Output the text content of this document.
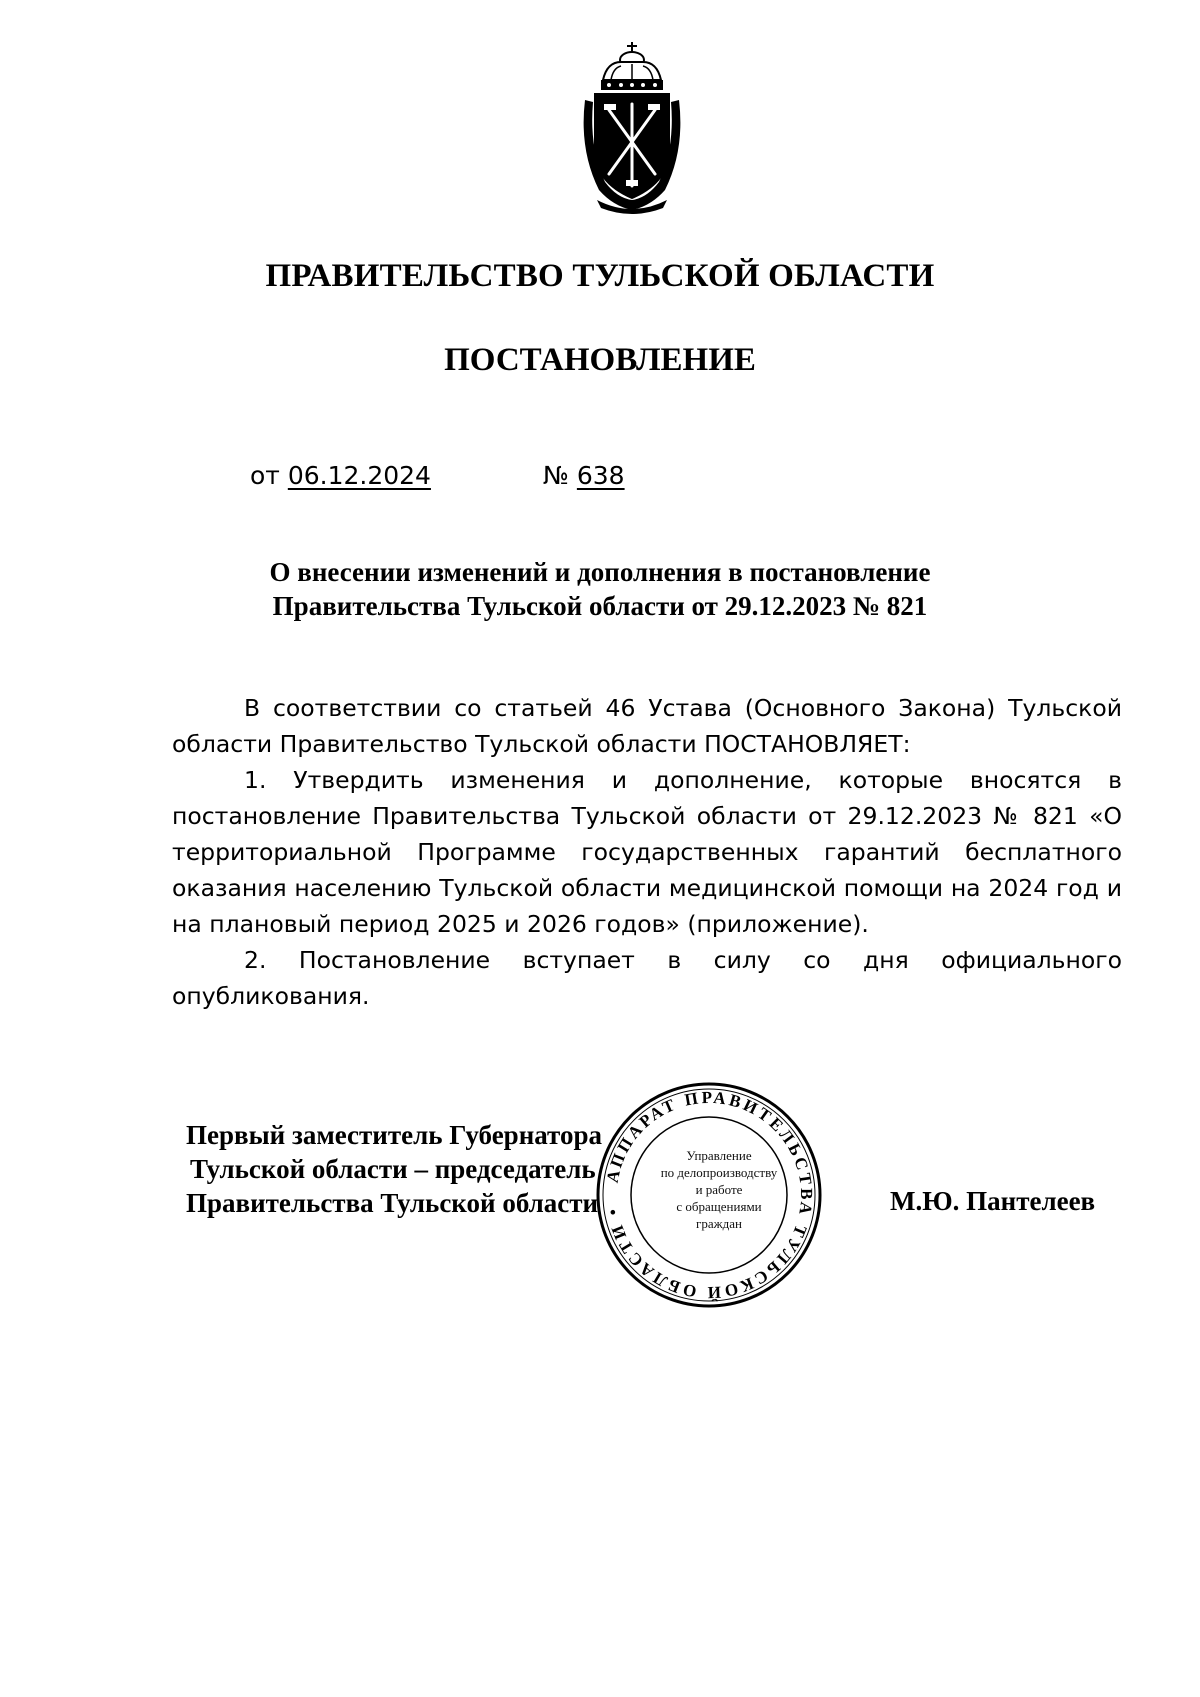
ПРАВИТЕЛЬСТВО ТУЛЬСКОЙ ОБЛАСТИ
ПОСТАНОВЛЕНИЕ
от 06.12.2024	№ 638
О внесении изменений и дополнения в постановление
Правительства Тульской области от 29.12.2023 № 821

В соответствии со статьей 46 Устава (Основного Закона) Тульской области Правительство Тульской области ПОСТАНОВЛЯЕТ:

1. Утвердить изменения и дополнение, которые вносятся в постановление Правительства Тульской области от 29.12.2023 № 821 «О территориальной Программе государственных гарантий бесплатного оказания населению Тульской области медицинской помощи на 2024 год и на плановый период 2025 и 2026 годов» (приложение).

2. Постановление вступает в силу со дня официального опубликования.

АППАРАТ ПРАВИТЕЛЬСТВА ТУЛЬСКОЙ ОБЛАСТИ •
Управление
по делопроизводству
и работе
с обращениями
граждан
Первый заместитель Губернатора
Тульской области – председатель
Правительства Тульской области	М.Ю. Пантелеев
